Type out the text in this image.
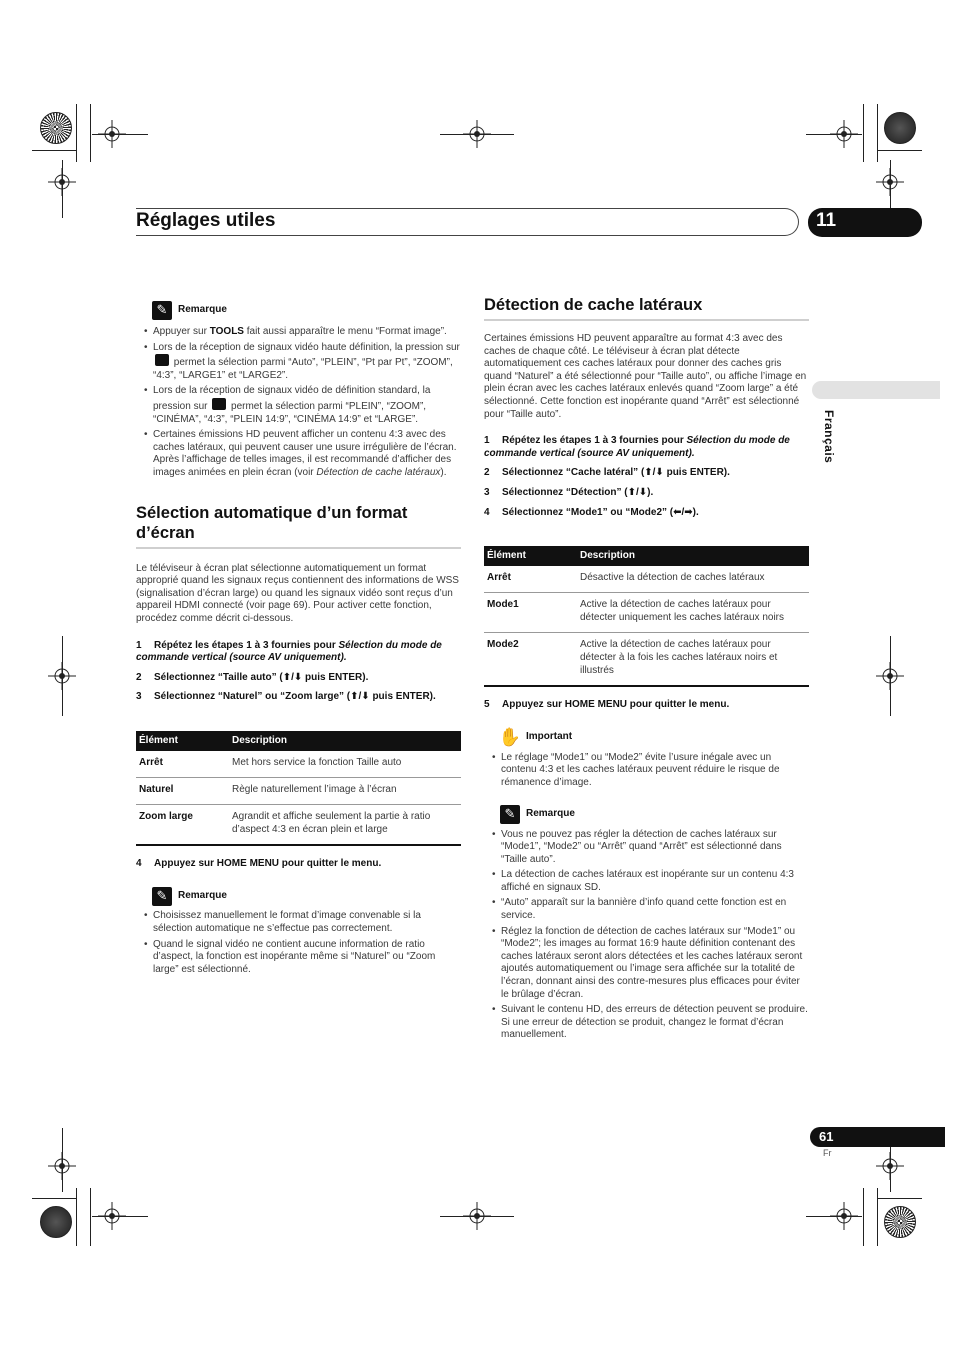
Réglages utiles	11
Français
✎	Remarque
• Appuyer sur TOOLS fait aussi apparaître le menu “Format image”.
• Lors de la réception de signaux vidéo haute définition, la pression sur  permet la sélection parmi “Auto”, “PLEIN”, “Pt par Pt”, “ZOOM”, “4:3”, “LARGE1” et “LARGE2”.
• Lors de la réception de signaux vidéo de définition standard, la pression sur  permet la sélection parmi “PLEIN”, “ZOOM”, “CINÉMA”, “4:3”, “PLEIN 14:9”, “CINÉMA 14:9” et “LARGE”.
• Certaines émissions HD peuvent afficher un contenu 4:3 avec des caches latéraux, qui peuvent causer une usure irrégulière de l’écran. Après l’affichage de telles images, il est recommandé d’afficher des images animées en plein écran (voir Détection de cache latéraux).
Sélection automatique d’un format
d’écran

Le téléviseur à écran plat sélectionne automatiquement un format approprié quand les signaux reçus contiennent des informations de WSS (signalisation d’écran large) ou quand les signaux vidéo sont reçus d’un appareil HDMI connecté (voir page 69). Pour activer cette fonction, procédez comme décrit ci-dessous.

1 Répétez les étapes 1 à 3 fournies pour Sélection du mode de commande vertical (source AV uniquement).

2 Sélectionnez “Taille auto” (⬆/⬇ puis ENTER).

3 Sélectionnez “Naturel” ou “Zoom large” (⬆/⬇ puis ENTER).

Élément	Description
Arrêt	Met hors service la fonction Taille auto
Naturel	Règle naturellement l’image à l’écran
Zoom large	Agrandit et affiche seulement la partie à ratio d’aspect 4:3 en écran plein et large

4 Appuyez sur HOME MENU pour quitter le menu.

✎	Remarque
• Choisissez manuellement le format d’image convenable si la sélection automatique ne s’effectue pas correctement.
• Quand le signal vidéo ne contient aucune information de ratio d’aspect, la fonction est inopérante même si “Naturel” ou “Zoom large” est sélectionné.
Détection de cache latéraux

Certaines émissions HD peuvent apparaître au format 4:3 avec des caches de chaque côté. Le téléviseur à écran plat détecte automatiquement ces caches latéraux pour donner des caches gris quand “Naturel” a été sélectionné pour “Taille auto”, ou affiche l’image en plein écran avec les caches latéraux enlevés quand “Zoom large” a été sélectionné. Cette fonction est inopérante quand “Arrêt” est sélectionné pour “Taille auto”.

1 Répétez les étapes 1 à 3 fournies pour Sélection du mode de commande vertical (source AV uniquement).

2 Sélectionnez “Cache latéral” (⬆/⬇ puis ENTER).

3 Sélectionnez “Détection” (⬆/⬇).

4 Sélectionnez “Mode1” ou “Mode2” (⬅/➡).

Élément	Description
Arrêt	Désactive la détection de caches latéraux
Mode1	Active la détection de caches latéraux pour détecter uniquement les caches latéraux noirs
Mode2	Active la détection de caches latéraux pour détecter à la fois les caches latéraux noirs et illustrés

5 Appuyez sur HOME MENU pour quitter le menu.

✋ Important
• Le réglage “Mode1” ou “Mode2” évite l’usure inégale avec un contenu 4:3 et les caches latéraux peuvent réduire le risque de rémanence d’image.
✎	Remarque
• Vous ne pouvez pas régler la détection de caches latéraux sur “Mode1”, “Mode2” ou “Arrêt” quand “Arrêt” est sélectionné dans “Taille auto”.
• La détection de caches latéraux est inopérante sur un contenu 4:3 affiché en signaux SD.
• “Auto” apparaît sur la bannière d’info quand cette fonction est en service.
• Réglez la fonction de détection de caches latéraux sur “Mode1” ou “Mode2”; les images au format 16:9 haute définition contenant des caches latéraux seront alors détectées et les caches latéraux seront ajoutés automatiquement ou l’image sera affichée sur la totalité de l’écran, donnant ainsi des contre-mesures plus efficaces pour éviter le brûlage d’écran.
• Suivant le contenu HD, des erreurs de détection peuvent se produire. Si une erreur de détection se produit, changez le format d’écran manuellement.
61
Fr
